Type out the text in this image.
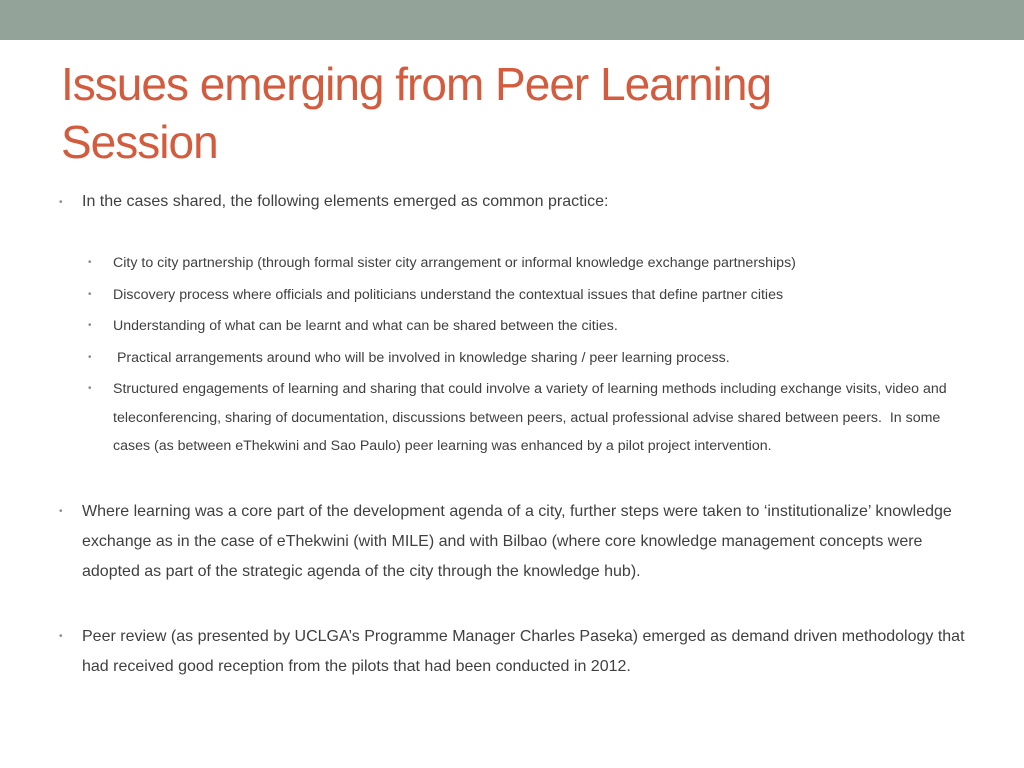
Issues emerging from Peer Learning
Session
• In the cases shared, the following elements emerged as common practice:
• City to city partnership (through formal sister city arrangement or informal knowledge exchange partnerships)
• Discovery process where officials and politicians understand the contextual issues that define partner cities
• Understanding of what can be learnt and what can be shared between the cities.
• Practical arrangements around who will be involved in knowledge sharing / peer learning process.
• Structured engagements of learning and sharing that could involve a variety of learning methods including exchange visits, video and teleconferencing, sharing of documentation, discussions between peers, actual professional advise shared between peers.  In some cases (as between eThekwini and Sao Paulo) peer learning was enhanced by a pilot project intervention.
• Where learning was a core part of the development agenda of a city, further steps were taken to ‘institutionalize’ knowledge exchange as in the case of eThekwini (with MILE) and with Bilbao (where core knowledge management concepts were adopted as part of the strategic agenda of the city through the knowledge hub).
• Peer review (as presented by UCLGA’s Programme Manager Charles Paseka) emerged as demand driven methodology that had received good reception from the pilots that had been conducted in 2012.
